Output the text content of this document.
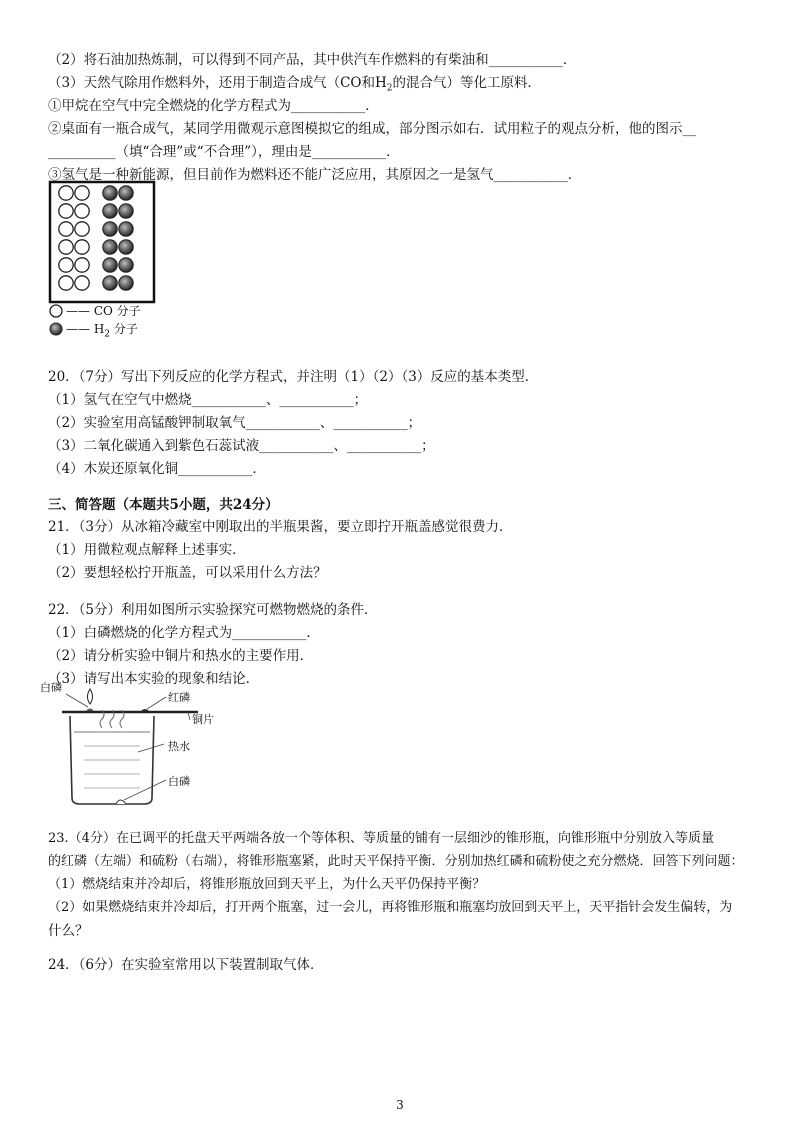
（2）将石油加热炼制，可以得到不同产品，其中供汽车作燃料的有柴油和___________．
（3）天然气除用作燃料外，还用于制造合成气（CO和$H_2$的混合气）等化工原料．
①甲烷在空气中完全燃烧的化学方程式为___________．
②桌面有一瓶合成气，某同学用微观示意图模拟它的组成，部分图示如右．试用粒子的观点分析，他的图示__
__________（填“合理”或“不合理”），理由是___________．
③氢气是一种新能源，但目前作为燃料还不能广泛应用，其原因之一是氢气___________．
—— CO 分子
—— $H_2$ 分子
20．（7分）写出下列反应的化学方程式，并注明（1）（2）（3）反应的基本类型．
（1）氢气在空气中燃烧___________、___________；
（2）实验室用高锰酸钾制取氧气___________、___________；
（3）二氧化碳通入到紫色石蕊试液___________、___________；
（4）木炭还原氧化铜___________．
三、简答题（本题共5小题，共24分）
21．（3分）从冰箱冷藏室中刚取出的半瓶果酱，要立即拧开瓶盖感觉很费力．
（1）用微粒观点解释上述事实．
（2）要想轻松拧开瓶盖，可以采用什么方法？
22．（5分）利用如图所示实验探究可燃物燃烧的条件．
（1）白磷燃烧的化学方程式为___________．
（2）请分析实验中铜片和热水的主要作用．
（3）请写出本实验的现象和结论．
白磷
红磷
铜片
热水
白磷
23.（4分）在已调平的托盘天平两端各放一个等体积、等质量的铺有一层细沙的锥形瓶，向锥形瓶中分别放入等质量
的红磷（左端）和硫粉（右端），将锥形瓶塞紧，此时天平保持平衡．分别加热红磷和硫粉使之充分燃烧．回答下列问题：
（1）燃烧结束并冷却后，将锥形瓶放回到天平上，为什么天平仍保持平衡？
（2）如果燃烧结束并冷却后，打开两个瓶塞，过一会儿，再将锥形瓶和瓶塞均放回到天平上，天平指针会发生偏转，为
什么？
24．（6分）在实验室常用以下装置制取气体．
3
